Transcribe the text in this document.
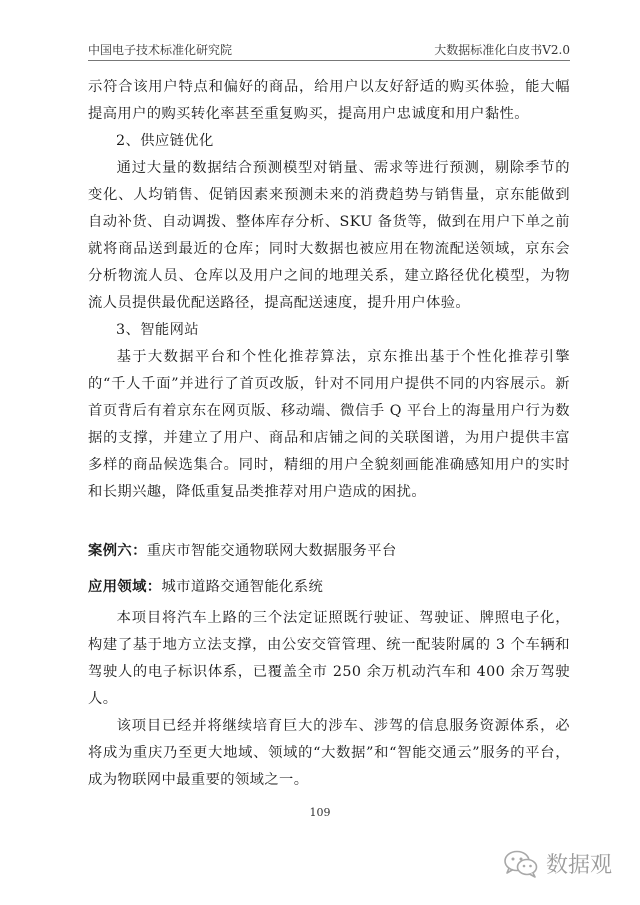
中国电子技术标准化研究院	大数据标准化白皮书V2.0

示符合该用户特点和偏好的商品，给用户以友好舒适的购买体验，能大幅提高用户的购买转化率甚至重复购买，提高用户忠诚度和用户黏性。

2、供应链优化

通过大量的数据结合预测模型对销量、需求等进行预测，剔除季节的变化、人均销售、促销因素来预测未来的消费趋势与销售量，京东能做到自动补货、自动调拨、整体库存分析、SKU 备货等，做到在用户下单之前就将商品送到最近的仓库；同时大数据也被应用在物流配送领域，京东会分析物流人员、仓库以及用户之间的地理关系，建立路径优化模型，为物流人员提供最优配送路径，提高配送速度，提升用户体验。

3、智能网站

基于大数据平台和个性化推荐算法，京东推出基于个性化推荐引擎的“千人千面”并进行了首页改版，针对不同用户提供不同的内容展示。新首页背后有着京东在网页版、移动端、微信手 Q 平台上的海量用户行为数据的支撑，并建立了用户、商品和店铺之间的关联图谱，为用户提供丰富多样的商品候选集合。同时，精细的用户全貌刻画能准确感知用户的实时和长期兴趣，降低重复品类推荐对用户造成的困扰。

案例六：重庆市智能交通物联网大数据服务平台

应用领域：城市道路交通智能化系统

本项目将汽车上路的三个法定证照既行驶证、驾驶证、牌照电子化，构建了基于地方立法支撑，由公安交管管理、统一配装附属的 3 个车辆和驾驶人的电子标识体系，已覆盖全市 250 余万机动汽车和 400 余万驾驶人。

该项目已经并将继续培育巨大的涉车、涉驾的信息服务资源体系，必将成为重庆乃至更大地域、领域的“大数据”和“智能交通云”服务的平台，成为物联网中最重要的领域之一。

109
数据观
